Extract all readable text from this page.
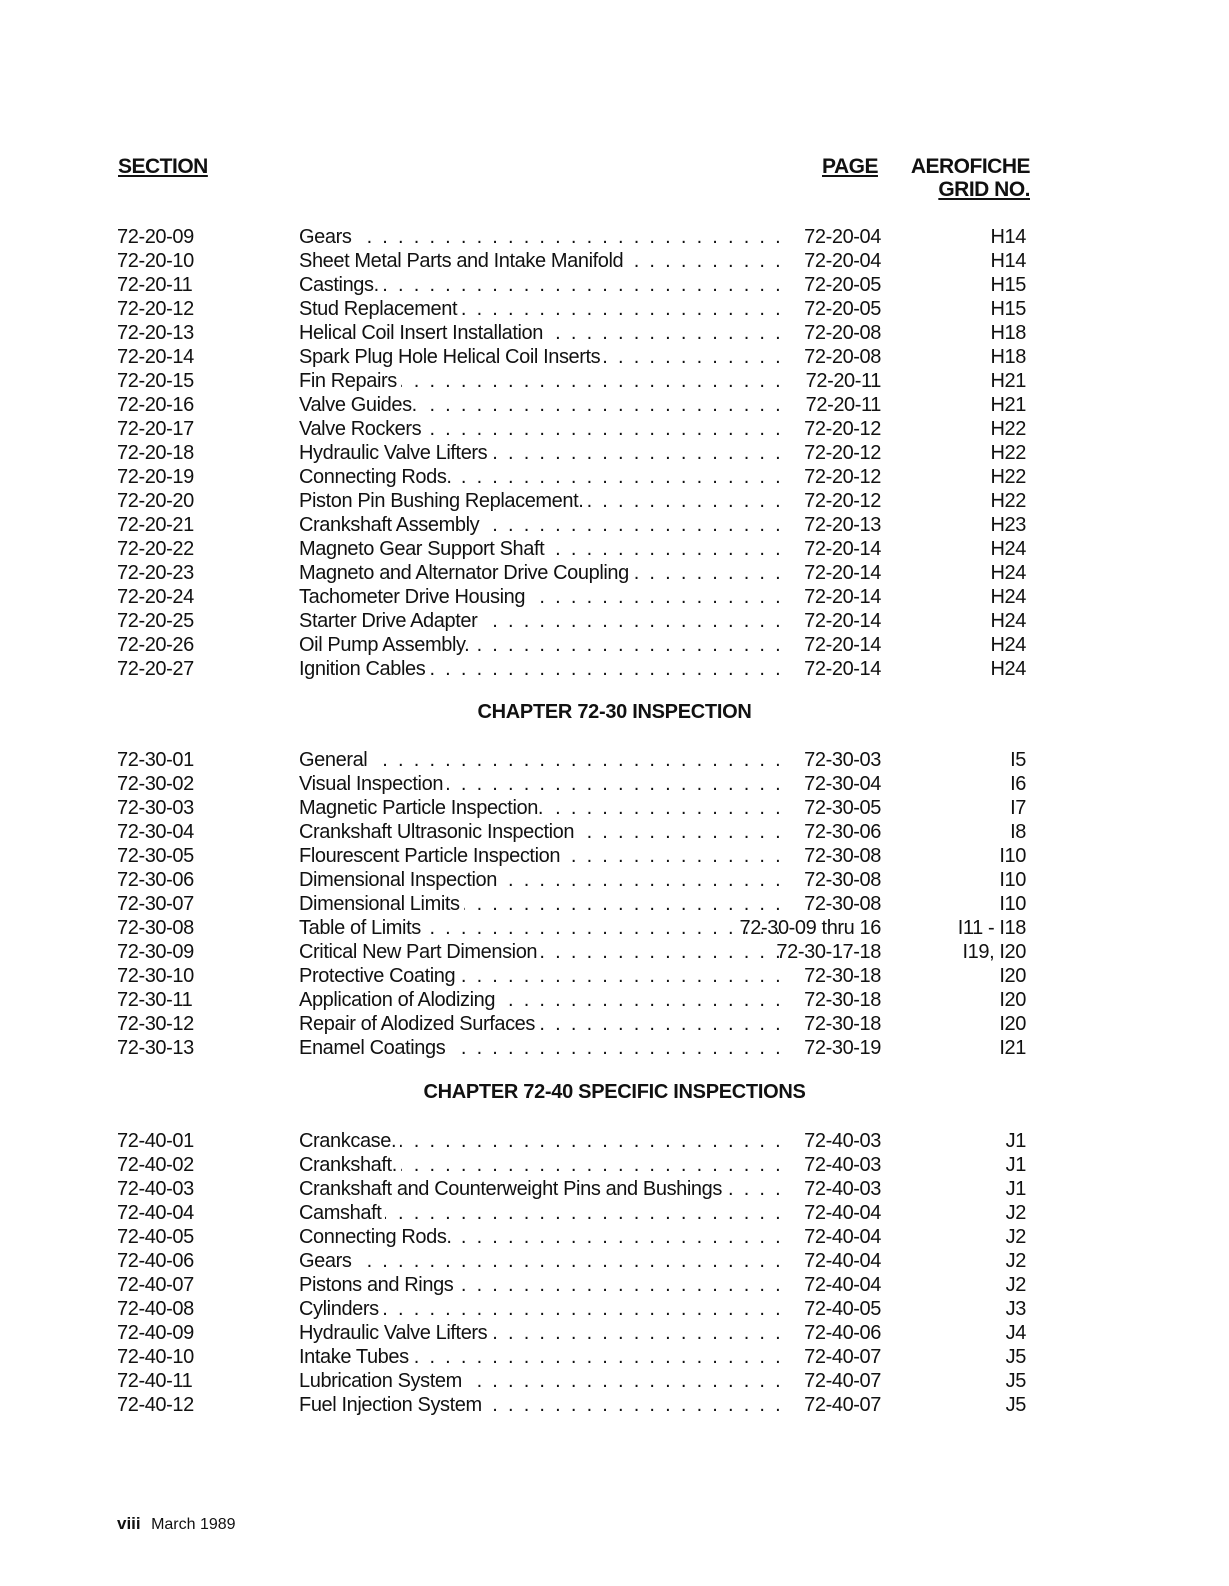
SECTION	PAGE AEROFICHE
GRID NO.
72-20-09	Gears . . .	72-20-04	H14
72-20-10	Sheet Metal Parts and Intake Manifold . . .	72-20-04	H14
72-20-11	Castings. . . .	72-20-05	H15
72-20-12	Stud Replacement . . .	72-20-05	H15
72-20-13	Helical Coil Insert Installation . . .	72-20-08	H18
72-20-14	Spark Plug Hole Helical Coil Inserts . . .	72-20-08	H18
72-20-15	Fin Repairs . . .	72-20-11	H21
72-20-16	Valve Guides. . . .	72-20-11	H21
72-20-17	Valve Rockers . . .	72-20-12	H22
72-20-18	Hydraulic Valve Lifters . . .	72-20-12	H22
72-20-19	Connecting Rods. . . .	72-20-12	H22
72-20-20	Piston Pin Bushing Replacement. . . .	72-20-12	H22
72-20-21	Crankshaft Assembly . . .	72-20-13	H23
72-20-22	Magneto Gear Support Shaft . . .	72-20-14	H24
72-20-23	Magneto and Alternator Drive Coupling . . .	72-20-14	H24
72-20-24	Tachometer Drive Housing . . .	72-20-14	H24
72-20-25	Starter Drive Adapter . . .	72-20-14	H24
72-20-26	Oil Pump Assembly. . . .	72-20-14	H24
72-20-27	Ignition Cables . . .	72-20-14	H24
CHAPTER 72-30 INSPECTION
72-30-01	General . . .	72-30-03	I5
72-30-02	Visual Inspection . . .	72-30-04	I6
72-30-03	Magnetic Particle Inspection. . . .	72-30-05	I7
72-30-04	Crankshaft Ultrasonic Inspection . . .	72-30-06	I8
72-30-05	Flourescent Particle Inspection . . .	72-30-08	I10
72-30-06	Dimensional Inspection . . .	72-30-08	I10
72-30-07	Dimensional Limits . . .	72-30-08	I10
72-30-08	Table of Limits . . .	72-30-09 thru 16	I11 - I18
72-30-09	Critical New Part Dimension . . .	72-30-17-18	I19, I20
72-30-10	Protective Coating . . .	72-30-18	I20
72-30-11	Application of Alodizing . . .	72-30-18	I20
72-30-12	Repair of Alodized Surfaces . . .	72-30-18	I20
72-30-13	Enamel Coatings . . .	72-30-19	I21
CHAPTER 72-40 SPECIFIC INSPECTIONS
72-40-01	Crankcase. . . .	72-40-03	J1
72-40-02	Crankshaft. . . .	72-40-03	J1
72-40-03	Crankshaft and Counterweight Pins and Bushings . . .	72-40-03	J1
72-40-04	Camshaft . . .	72-40-04	J2
72-40-05	Connecting Rods. . . .	72-40-04	J2
72-40-06	Gears . . .	72-40-04	J2
72-40-07	Pistons and Rings . . .	72-40-04	J2
72-40-08	Cylinders . . .	72-40-05	J3
72-40-09	Hydraulic Valve Lifters . . .	72-40-06	J4
72-40-10	Intake Tubes . . .	72-40-07	J5
72-40-11	Lubrication System . . .	72-40-07	J5
72-40-12	Fuel Injection System . . .	72-40-07	J5
viii March 1989
